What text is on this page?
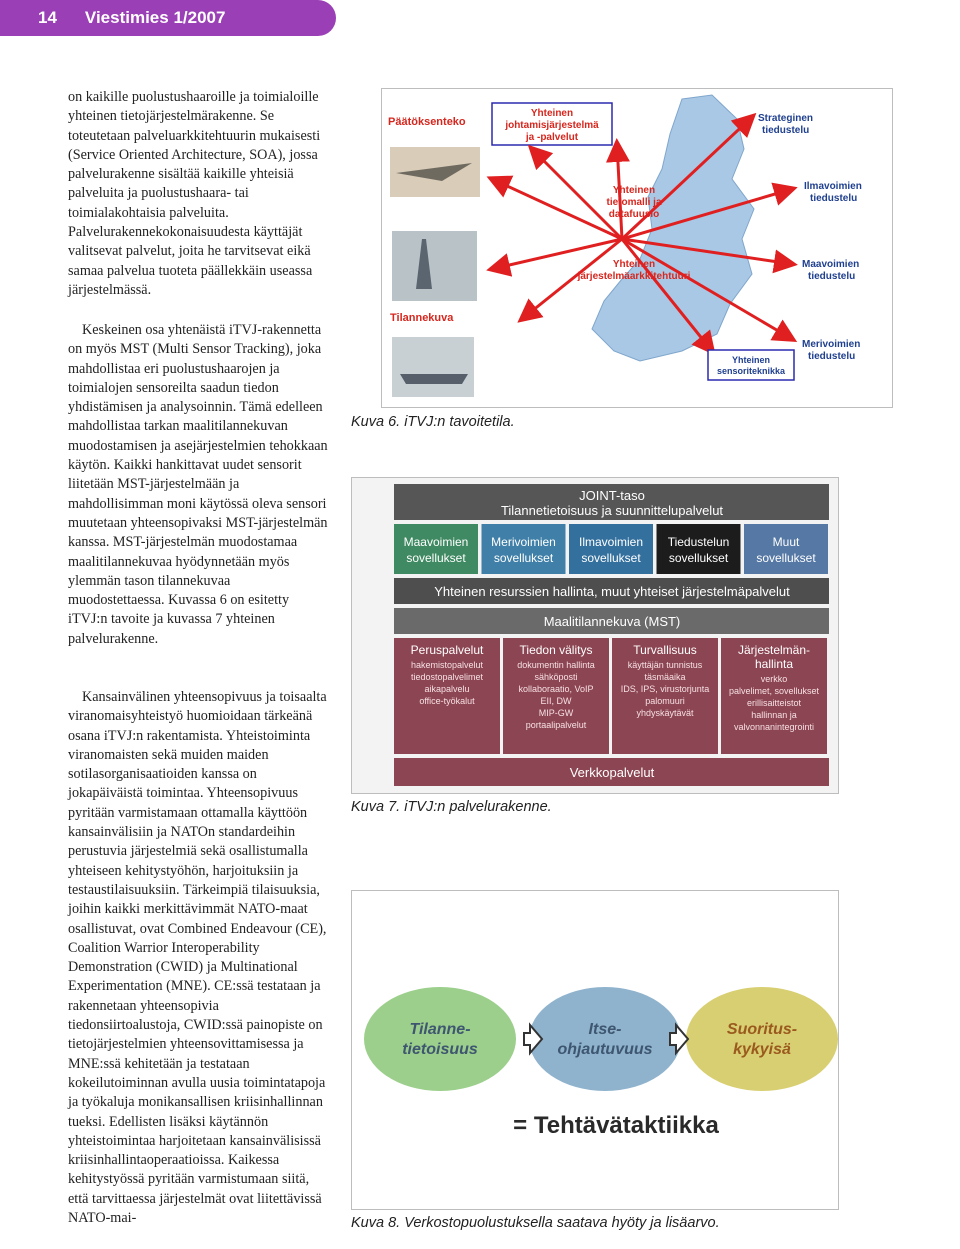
14 Viestimies 1/2007

on kaikille puolustushaaroille ja toimialoille yhteinen tietojärjestelmärakenne. Se toteutetaan palveluarkkitehtuurin mukaisesti (Service Oriented Architecture, SOA), jossa palvelurakenne sisältää kaikille yhteisiä palveluita ja puolustushaara- tai toimialakohtaisia palveluita. Palvelurakennekokonaisuudesta käyttäjät valitsevat palvelut, joita he tarvitsevat eikä samaa palvelua tuoteta päällekkäin useassa järjestelmässä.

Keskeinen osa yhtenäistä iTVJ-rakennetta on myös MST (Multi Sensor Tracking), joka mahdollistaa eri puolustushaarojen ja toimialojen sensoreilta saadun tiedon yhdistämisen ja analysoinnin. Tämä edelleen mahdollistaa tarkan maalitilannekuvan muodostamisen ja asejärjestelmien tehokkaan käytön. Kaikki hankittavat uudet sensorit liitetään MST-järjestelmään ja mahdollisimman moni käytössä oleva sensori muutetaan yhteensopivaksi MST-järjestelmän kanssa. MST-järjestelmän muodostamaa maalitilannekuvaa hyödynnetään myös ylemmän tason tilannekuvaa muodostettaessa. Kuvassa 6 on esitetty iTVJ:n tavoite ja kuvassa 7 yhteinen palvelurakenne.

Kansainvälinen yhteensopivuus ja toisaalta viranomaisyhteistyö huomioidaan tärkeänä osana iTVJ:n rakentamista. Yhteistoiminta viranomaisten sekä muiden maiden sotilasorganisaatioiden kanssa on jokapäiväistä toimintaa. Yhteensopivuus pyritään varmistamaan ottamalla käyttöön kansainvälisiin ja NATOn standardeihin perustuvia järjestelmiä sekä osallistumalla yhteiseen kehitystyöhön, harjoituksiin ja testaustilaisuuksiin. Tärkeimpiä tilaisuuksia, joihin kaikki merkittävimmät NATO-maat osallistuvat, ovat Combined Endeavour (CE), Coalition Warrior Interoperability Demonstration (CWID) ja Multinational Experimentation (MNE). CE:ssä testataan ja rakennetaan yhteensopivia tiedonsiirtoalustoja, CWID:ssä painopiste on tietojärjestelmien yhteensovittamisessa ja MNE:ssä kehitetään ja testataan kokeilutoiminnan avulla uusia toimintatapoja ja työkaluja monikansallisen kriisinhallinnan tueksi. Edellisten lisäksi käytännön yhteistoimintaa harjoitetaan kansainvälisissä kriisinhallintaoperaatioissa. Kaikessa kehitystyössä pyritään varmistumaan siitä, että tarvittaessa järjestelmät ovat liitettävissä NATO-mai-

Päätöksenteko
Tilannekuva
Yhteinen
johtamisjärjestelmä
ja -palvelut
Yhteinen
tietomalli ja
datafuusio
Yhteinen
järjestelmäarkkitehtuuri
Strateginen
tiedustelu
Ilmavoimien
tiedustelu
Maavoimien
tiedustelu
Merivoimien
tiedustelu
Yhteinen
sensoriteknikka
Kuva 6. iTVJ:n tavoitetila.
JOINT-taso
Tilannetietoisuus ja suunnittelupalvelut
Maavoimien
sovellukset
Merivoimien
sovellukset
Ilmavoimien
sovellukset
Tiedustelun
sovellukset
Muut
sovellukset
Yhteinen resurssien hallinta, muut yhteiset järjestelmäpalvelut
Maalitilannekuva (MST)
Peruspalvelut
hakemistopalvelut
tiedostopalvelimet
aikapalvelu
office-työkalut
Tiedon välitys
dokumentin hallinta
sähköposti
kollaboraatio, VoIP
EII, DW
MIP-GW
portaalipalvelut
Turvallisuus
käyttäjän tunnistus
täsmäaika
IDS, IPS, virustorjunta
palomuuri
yhdyskäytävät
Järjestelmän-
hallinta
verkko
palvelimet, sovellukset
erillisaitteistot
hallinnan ja
valvonnanintegrointi
Verkkopalvelut
Kuva 7. iTVJ:n palvelurakenne.
Tilanne-
tietoisuus
Itse-
ohjautuvuus
Suoritus-
kykyisä
= Tehtävätaktiikka
Kuva 8. Verkostopuolustuksella saatava hyöty ja lisäarvo.
